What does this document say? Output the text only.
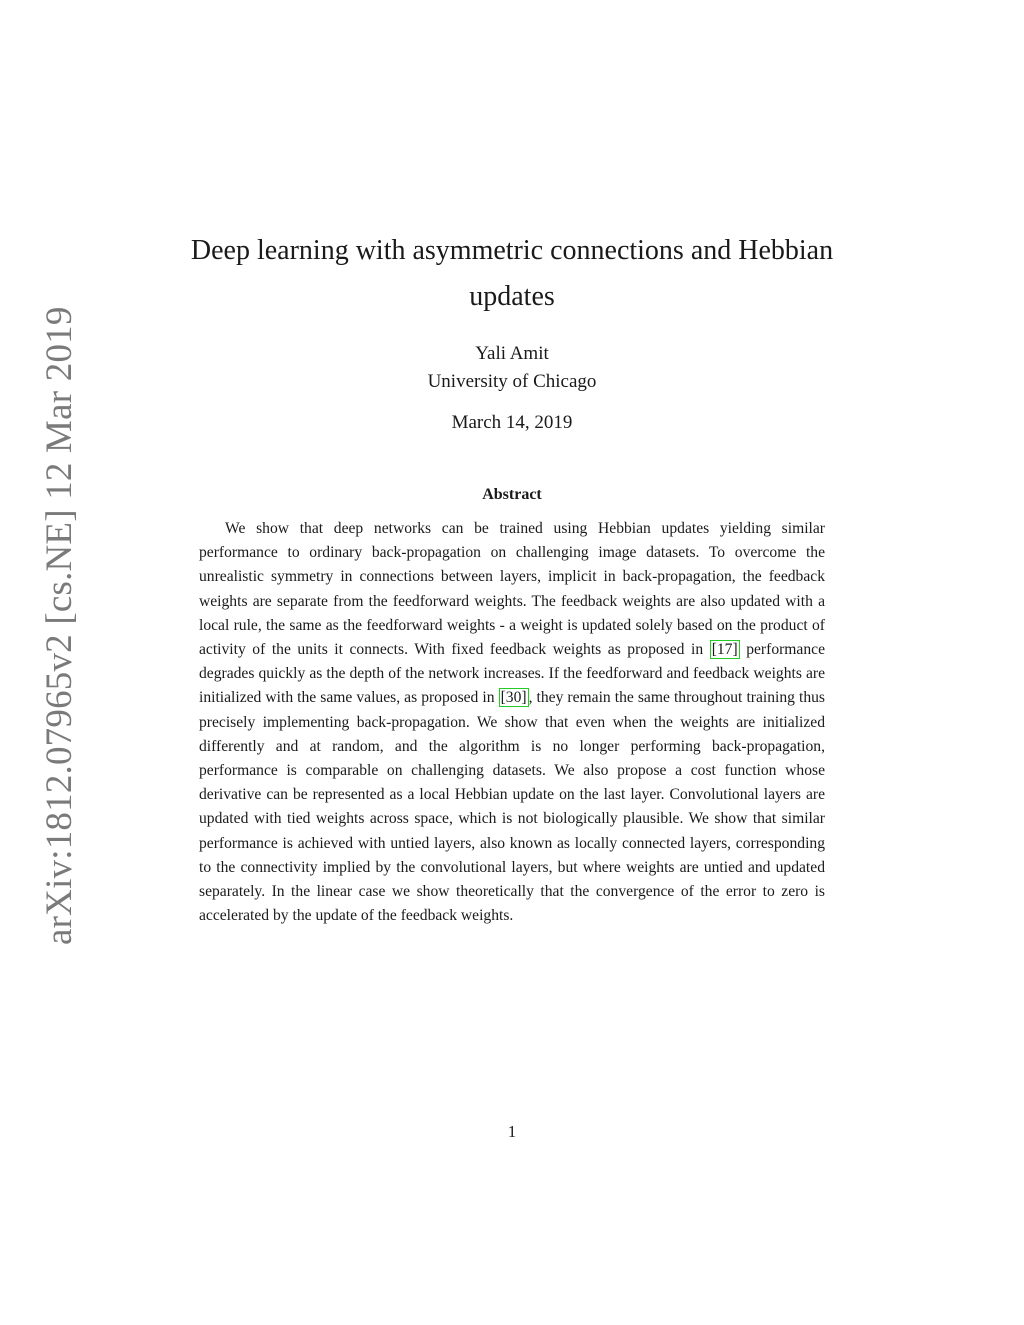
arXiv:1812.07965v2 [cs.NE] 12 Mar 2019
Deep learning with asymmetric connections and Hebbian updates
Yali Amit
University of Chicago
March 14, 2019
Abstract

We show that deep networks can be trained using Hebbian updates yielding similar performance to ordinary back-propagation on challenging image datasets. To overcome the unrealistic symmetry in connections between layers, implicit in back-propagation, the feedback weights are separate from the feedforward weights. The feedback weights are also updated with a local rule, the same as the feedforward weights - a weight is updated solely based on the product of activity of the units it connects. With fixed feedback weights as proposed in [17] performance degrades quickly as the depth of the network increases. If the feedforward and feedback weights are initialized with the same values, as proposed in [30] , they remain the same throughout training thus precisely implementing back-propagation. We show that even when the weights are initialized differently and at random, and the algorithm is no longer performing back-propagation, performance is comparable on challenging datasets. We also propose a cost function whose derivative can be represented as a local Hebbian update on the last layer. Convolutional layers are updated with tied weights across space, which is not biologically plausible. We show that similar performance is achieved with untied layers, also known as locally connected layers, corresponding to the connectivity implied by the convolutional layers, but where weights are untied and updated separately. In the linear case we show theoretically that the convergence of the error to zero is accelerated by the update of the feedback weights.

1
